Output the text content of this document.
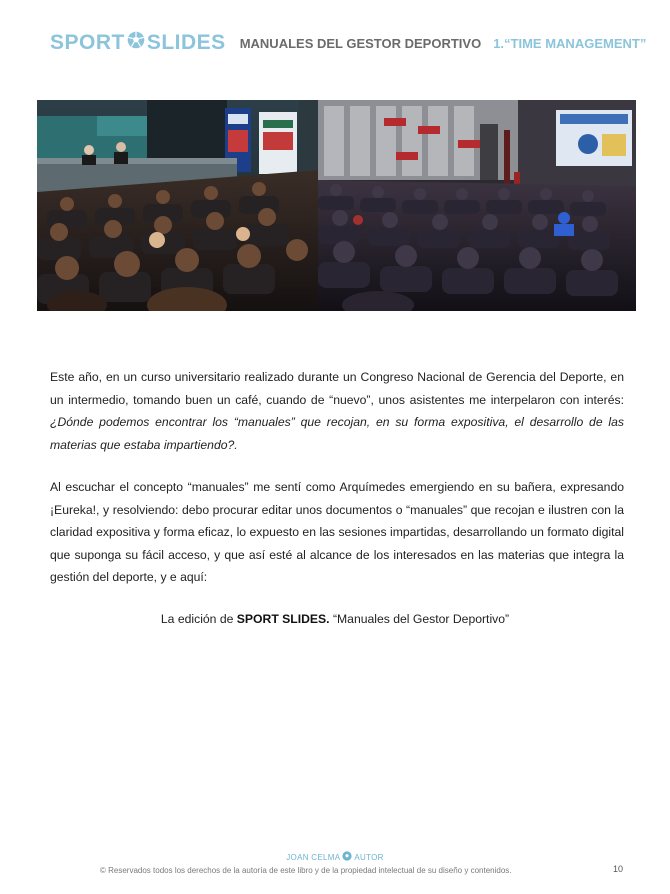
SPORT SLIDES MANUALES DEL GESTOR DEPORTIVO 1.“TIME MANAGEMENT”

Este año, en un curso universitario realizado durante un Congreso Nacional de Gerencia del Deporte, en un intermedio, tomando buen un café, cuando de “nuevo”, unos asistentes me interpelaron con interés: ¿Dónde podemos encontrar los “manuales” que recojan, en su forma expositiva, el desarrollo de las materias que estaba impartiendo?.

Al escuchar el concepto “manuales” me sentí como Arquímedes emergiendo en su bañera, expresando ¡Eureka!, y resolviendo: debo procurar editar unos documentos o “manuales” que recojan e ilustren con la claridad expositiva y forma eficaz, lo expuesto en las sesiones impartidas, desarrollando un formato digital que suponga su fácil acceso, y que así esté al alcance de los interesados en las materias que integra la gestión del deporte, y e aquí:

La edición de SPORT SLIDES. “Manuales del Gestor Deportivo”
JOAN CELMA AUTOR
© Reservados todos los derechos de la autoría de este libro y de la propiedad intelectual de su diseño y contenidos.	10
